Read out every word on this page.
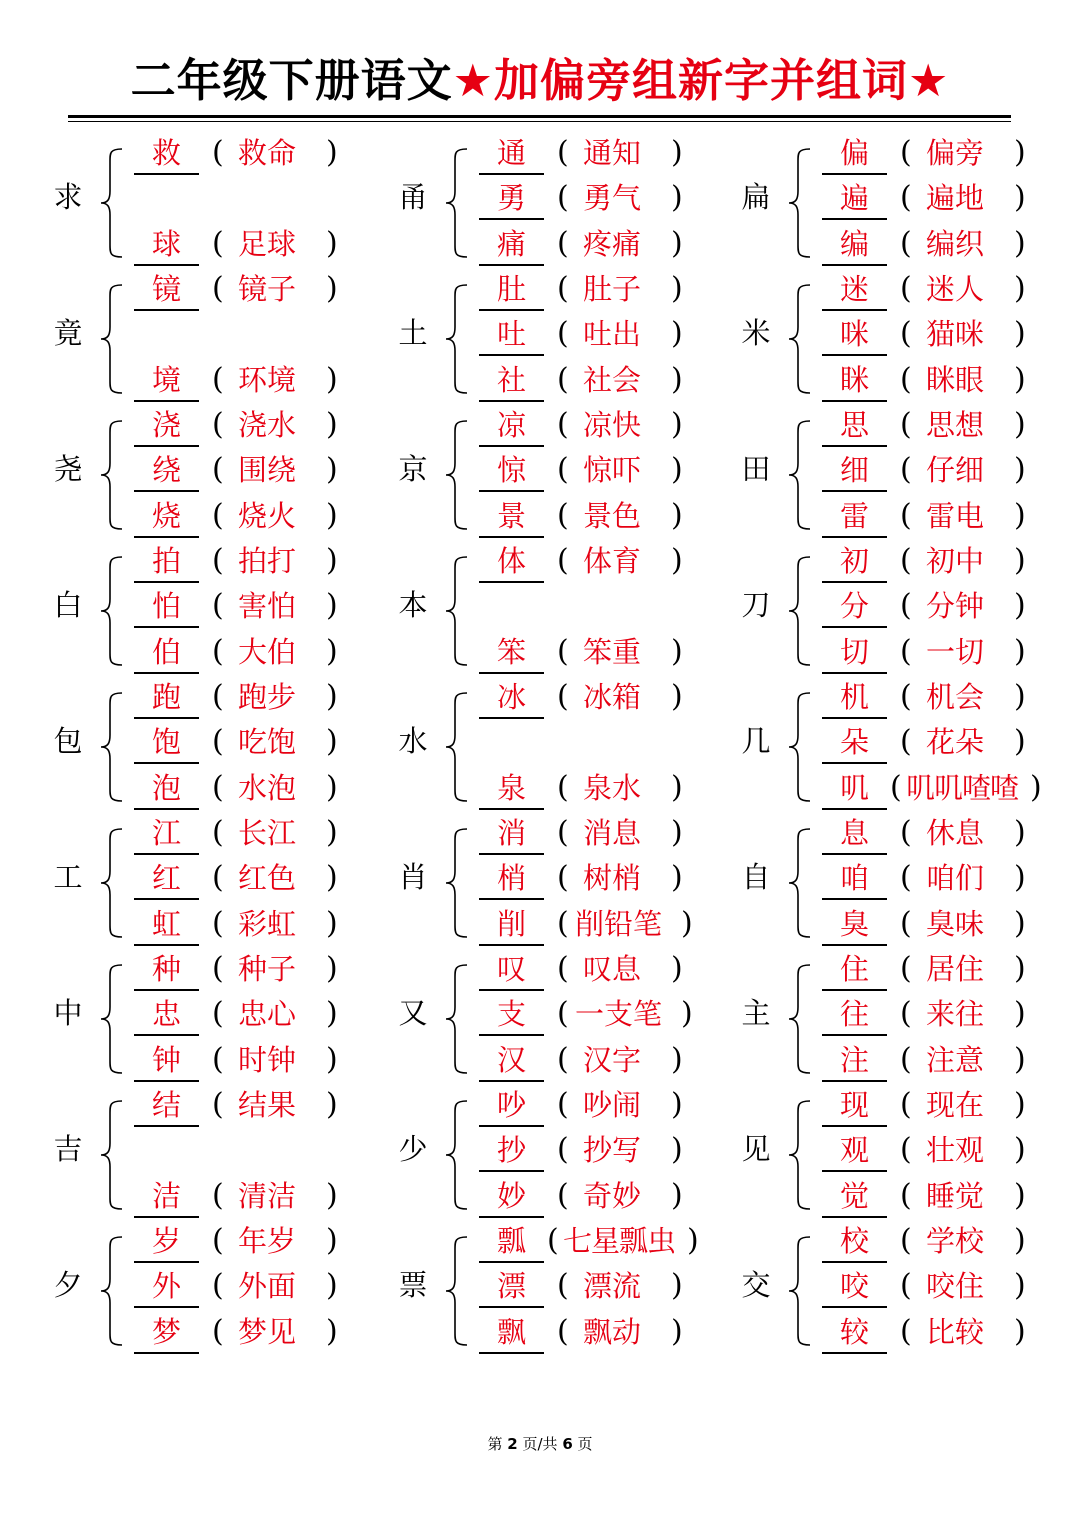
二年级下册语文★加偏旁组新字并组词★
求
救	( 救命 )
球	( 足球 )
竟
镜	( 镜子 )
境	( 环境 )
尧
浇	( 浇水 )
绕	( 围绕 )
烧	( 烧火 )
白
拍	( 拍打 )
怕	( 害怕 )
伯	( 大伯 )
包
跑	( 跑步 )
饱	( 吃饱 )
泡	( 水泡 )
工
江	( 长江 )
红	( 红色 )
虹	( 彩虹 )
中
种	( 种子 )
忠	( 忠心 )
钟	( 时钟 )
吉
结	( 结果 )
洁	( 清洁 )
夕
岁	( 年岁 )
外	( 外面 )
梦	( 梦见 )
甬
通	( 通知 )
勇	( 勇气 )
痛	( 疼痛 )
土
肚	( 肚子 )
吐	( 吐出 )
社	( 社会 )
京
凉	( 凉快 )
惊	( 惊吓 )
景	( 景色 )
本
体	( 体育 )
笨	( 笨重 )
水
冰	( 冰箱 )
泉	( 泉水 )
肖
消	( 消息 )
梢	( 树梢 )
削	( 削铅笔 )
又
叹	( 叹息 )
支	( 一支笔 )
汉	( 汉字 )
少
吵	( 吵闹 )
抄	( 抄写 )
妙	( 奇妙 )
票
瓢 ( 七星瓢虫 )
漂	( 漂流 )
飘	( 飘动 )
扁
偏	( 偏旁 )
遍	( 遍地 )
编	( 编织 )
米
迷	( 迷人 )
咪	( 猫咪 )
眯	( 眯眼 )
田
思	( 思想 )
细	( 仔细 )
雷	( 雷电 )
刀
初	( 初中 )
分	( 分钟 )
切	( 一切 )
几
机	( 机会 )
朵	( 花朵 )
叽 ( 叽叽喳喳 )
自
息	( 休息 )
咱	( 咱们 )
臭	( 臭味 )
主
住	( 居住 )
往	( 来往 )
注	( 注意 )
见
现	( 现在 )
观	( 壮观 )
觉	( 睡觉 )
交
校	( 学校 )
咬	( 咬住 )
较	( 比较 )
第 2 页/共 6 页
